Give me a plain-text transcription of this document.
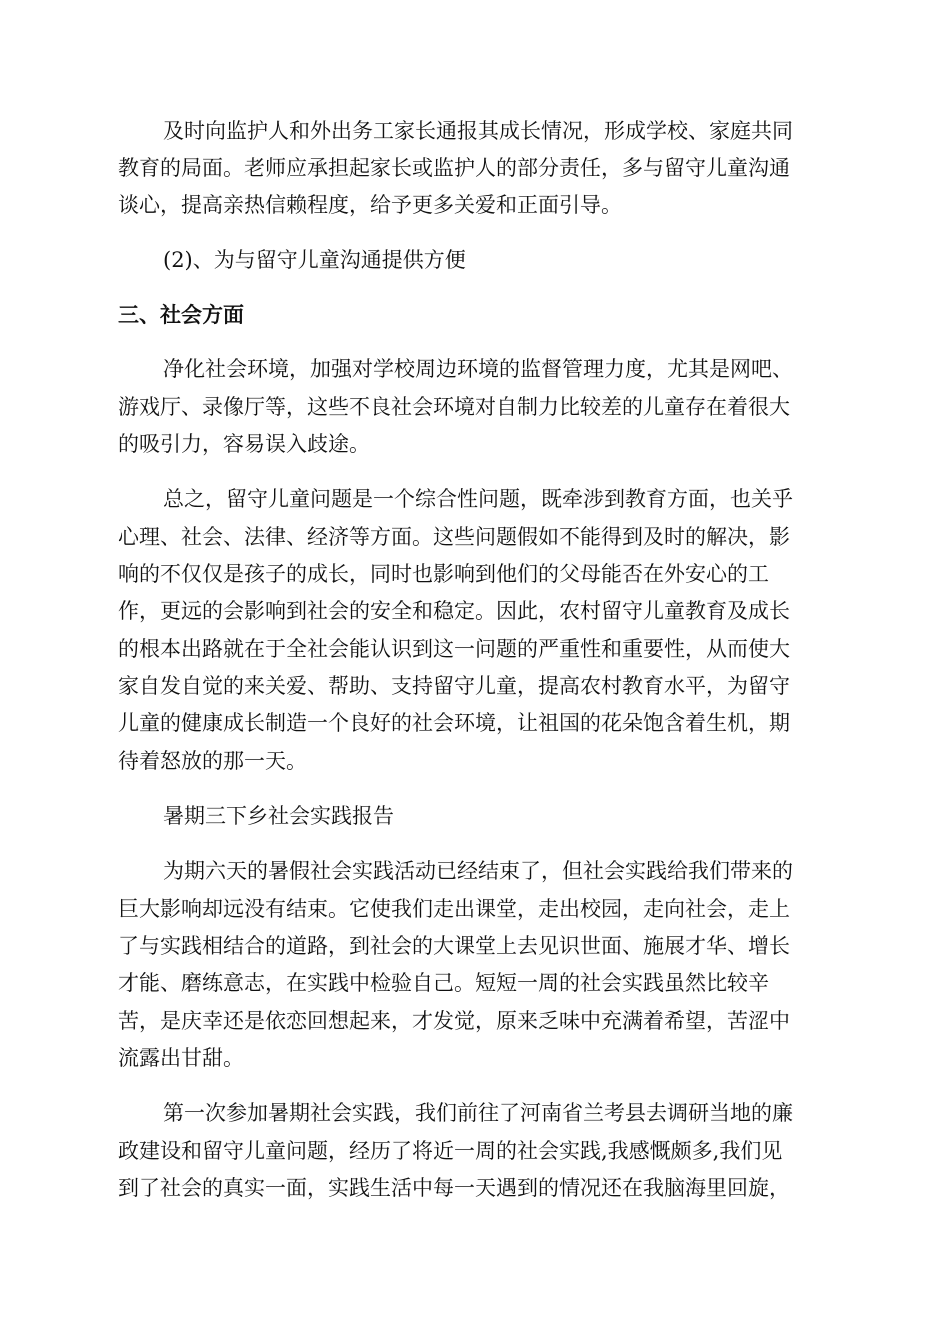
及时向监护人和外出务工家长通报其成长情况，形成学校、家庭共同
教育的局面。老师应承担起家长或监护人的部分责任，多与留守儿童沟通
谈心，提高亲热信赖程度，给予更多关爱和正面引导。
(2)、为与留守儿童沟通提供方便
三、社会方面
净化社会环境，加强对学校周边环境的监督管理力度，尤其是网吧、
游戏厅、录像厅等，这些不良社会环境对自制力比较差的儿童存在着很大
的吸引力，容易误入歧途。
总之，留守儿童问题是一个综合性问题，既牵涉到教育方面，也关乎
心理、社会、法律、经济等方面。这些问题假如不能得到及时的解决，影
响的不仅仅是孩子的成长，同时也影响到他们的父母能否在外安心的工
作，更远的会影响到社会的安全和稳定。因此，农村留守儿童教育及成长
的根本出路就在于全社会能认识到这一问题的严重性和重要性，从而使大
家自发自觉的来关爱、帮助、支持留守儿童，提高农村教育水平，为留守
儿童的健康成长制造一个良好的社会环境，让祖国的花朵饱含着生机，期
待着怒放的那一天。
暑期三下乡社会实践报告
为期六天的暑假社会实践活动已经结束了，但社会实践给我们带来的
巨大影响却远没有结束。它使我们走出课堂，走出校园，走向社会，走上
了与实践相结合的道路，到社会的大课堂上去见识世面、施展才华、增长
才能、磨练意志，在实践中检验自己。短短一周的社会实践虽然比较辛
苦，是庆幸还是依恋回想起来，才发觉，原来乏味中充满着希望，苦涩中
流露出甘甜。
第一次参加暑期社会实践，我们前往了河南省兰考县去调研当地的廉
政建设和留守儿童问题，经历了将近一周的社会实践,我感慨颇多,我们见
到了社会的真实一面，实践生活中每一天遇到的情况还在我脑海里回旋，
